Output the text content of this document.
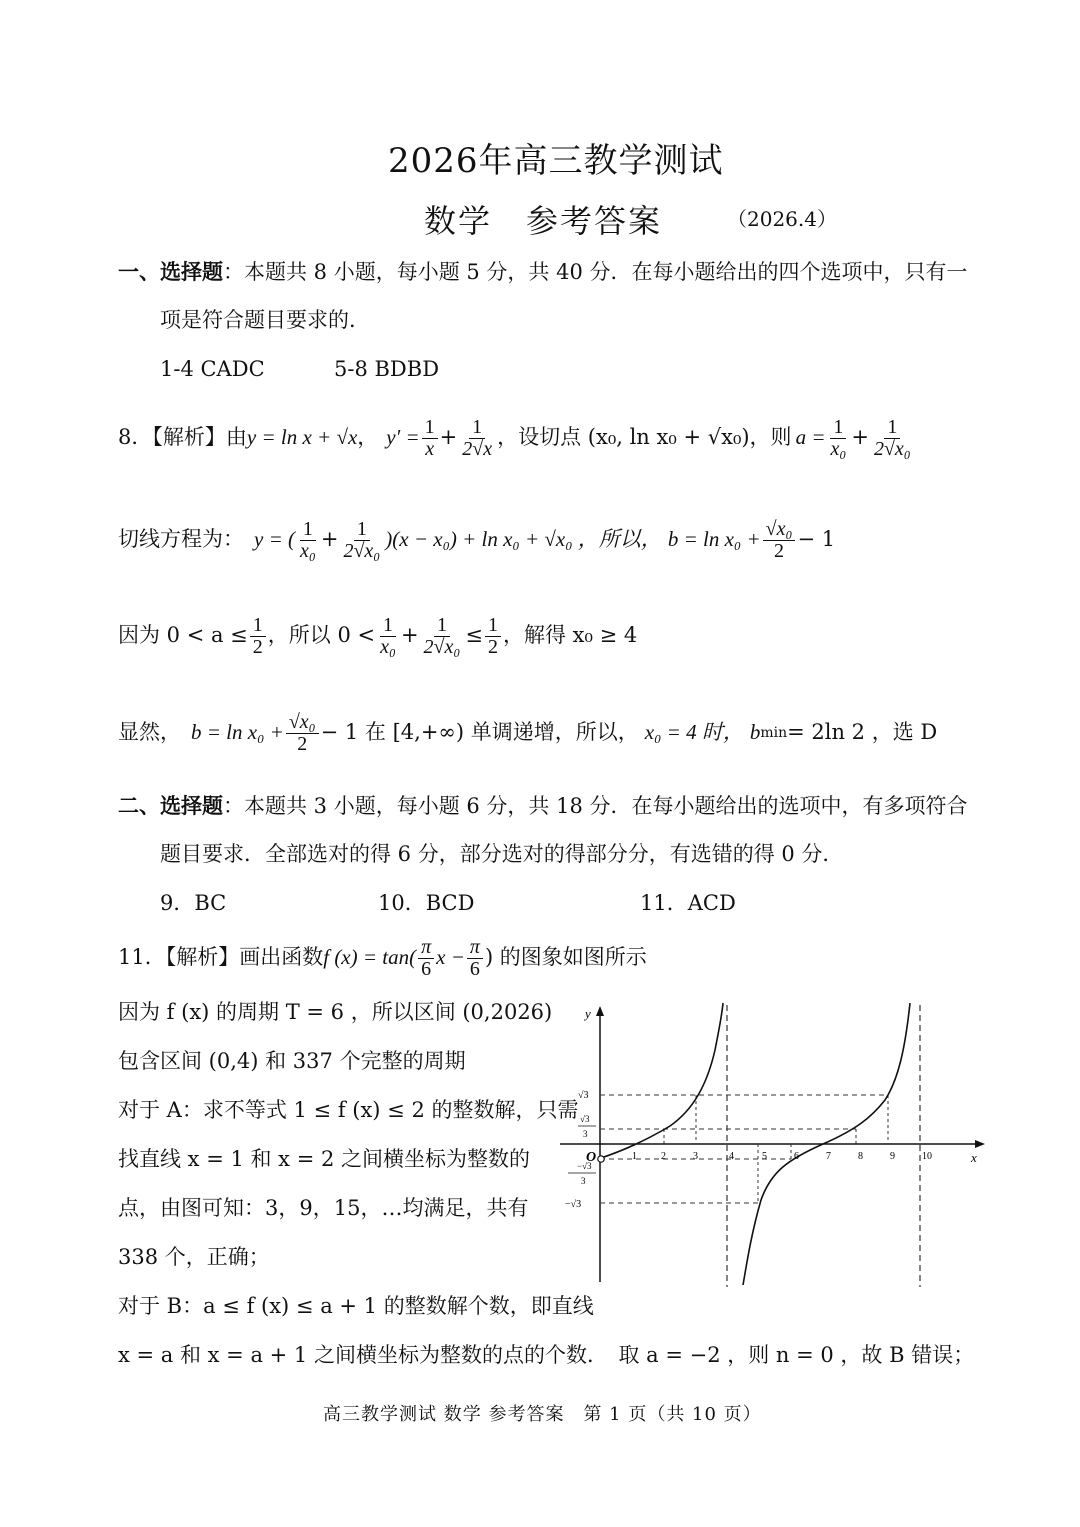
2026年高三教学测试
数学　参考答案	（2026.4）
一、选择题：本题共 8 小题，每小题 5 分，共 40 分．在每小题给出的四个选项中，只有一
项是符合题目要求的．
1-4 CADC	5-8 BDBD
8．【解析】由 y = ln x + √x ， $y' = \frac{1}{x} + \frac{1}{2√x}$ ，设切点 (x₀, ln x₀ + √x₀)，则 $a = \frac{1}{\text{x₀}} + \frac{1}{\text{2√x₀}}$
切线方程为： y = ( $\frac{1}{\text{x₀}} + \frac{1}{\text{2√x₀}} )(x - x_0) + \ln x_0 + √x_0$ ，所以， $b = \ln x_0 + \frac{\text{√x₀}}{2} - 1$
因为 $0 < a \le \frac{1}{2}$ ，所以 $0 < \frac{1}{\text{x₀}} + \frac{1}{\text{2√x₀}} \le \frac{1}{2}$ ，解得 x₀ ≥ 4
显然， $b = \ln x_0 + \frac{\text{√x₀}}{2} - 1$ 在 [4,+∞) 单调递增，所以， x₀ = 4 时， b min = 2ln 2 ，选 D
二、选择题：本题共 3 小题，每小题 6 分，共 18 分．在每小题给出的选项中，有多项符合
题目要求．全部选对的得 6 分，部分选对的得部分分，有选错的得 0 分．
9．BC	10．BCD	11．ACD
11．【解析】画出函数 f $(x) = \tan( \frac{\pi}{6}$ $x - \frac{\pi}{6}$ ) 的图象如图所示
因为 f (x) 的周期 T = 6 ，所以区间 (0,2026)
包含区间 (0,4) 和 337 个完整的周期
对于 A：求不等式 1 ≤ f (x) ≤ 2 的整数解，只需
找直线 x = 1 和 x = 2 之间横坐标为整数的
点，由图可知：3，9，15，…均满足，共有
338 个，正确；
对于 B：a ≤ f (x) ≤ a + 1 的整数解个数，即直线
x = a 和 x = a + 1 之间横坐标为整数的点的个数．　取 a = −2 ，则 n = 0 ，故 B 错误；
y
x
O	1 2	3	4	5	6	7	8	9	10
√3
√3
3
−√3
3
−√3
高三教学测试 数学 参考答案　第 1 页（共 10 页）
